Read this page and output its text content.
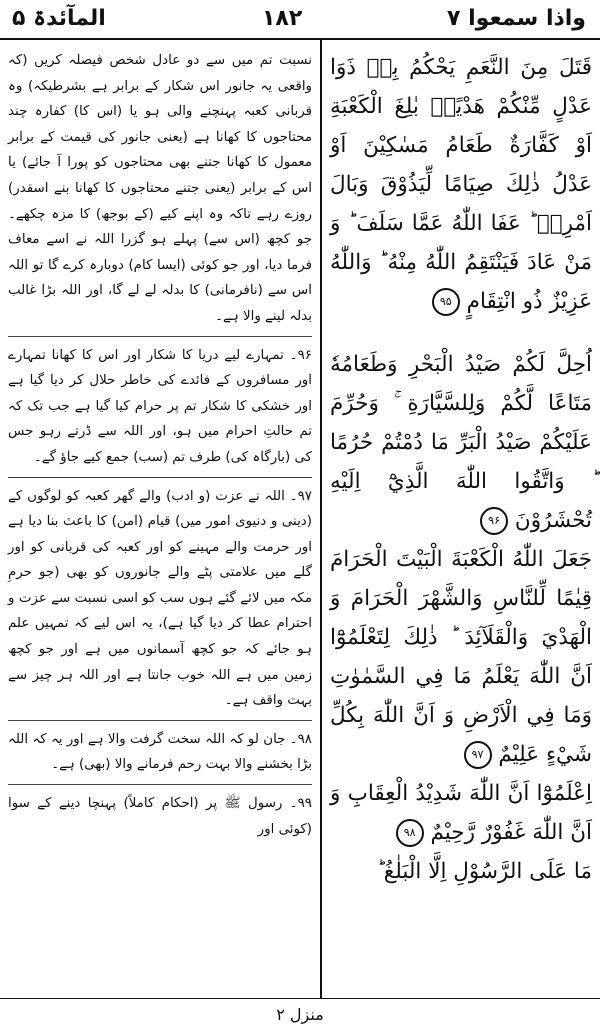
المآئدۃ ۵	۱۸۲	واذا سمعوا ۷

نسبت تم میں سے دو عادل شخص فیصلہ کریں (کہ واقعی یہ جانور اس شکار کے برابر ہے بشرطیکہ) وہ قربانی کعبہ پہنچنے والی ہو یا (اس کا) کفارہ چند محتاجوں کا کھانا ہے (یعنی جانور کی قیمت کے برابر معمول کا کھانا جتنے بھی محتاجوں کو پورا آ جائے) یا اس کے برابر (یعنی جتنے محتاجوں کا کھانا بنے اسقدر) روزے رہے تاکہ وہ اپنے کیے (کے بوجھ) کا مزہ چکھے۔ جو کچھ (اس سے) پہلے ہو گزرا اللہ نے اسے معاف فرما دیا، اور جو کوئی (ایسا کام) دوبارہ کرے گا تو اللہ اس سے (نافرمانی) کا بدلہ لے لے گا، اور اللہ بڑا غالب بدلہ لینے والا ہے۔

۹۶۔ تمہارے لیے دریا کا شکار اور اس کا کھانا تمہارے اور مسافروں کے فائدے کی خاطر حلال کر دیا گیا ہے اور خشکی کا شکار تم پر حرام کیا گیا ہے جب تک کہ تم حالتِ احرام میں ہو، اور اللہ سے ڈرتے رہو جس کی (بارگاہ کی) طرف تم (سب) جمع کیے جاؤ گے۔

۹۷۔ اللہ نے عزت (و ادب) والے گھر کعبہ کو لوگوں کے (دینی و دنیوی امور میں) قیام (امن) کا باعث بنا دیا ہے اور حرمت والے مہینے کو اور کعبہ کی قربانی کو اور گلے میں علامتی پٹے والے جانوروں کو بھی (جو حرمِ مکہ میں لائے گئے ہوں سب کو اسی نسبت سے عزت و احترام عطا کر دیا گیا ہے)، یہ اس لیے کہ تمہیں علم ہو جائے کہ جو کچھ آسمانوں میں ہے اور جو کچھ زمین میں ہے اللہ خوب جانتا ہے اور اللہ ہر چیز سے بہت واقف ہے۔

۹۸۔ جان لو کہ اللہ سخت گرفت والا ہے اور یہ کہ اللہ بڑا بخشنے والا بہت رحم فرمانے والا (بھی) ہے۔

۹۹۔ رسول ﷺ پر (احکام کاملاً) پہنچا دینے کے سوا (کوئی اور

قَتَلَ مِنَ النَّعَمِ يَحْكُمُ بِهٖ ذَوَا عَدْلٍ مِّنْكُمْ هَدْيًاۢ بٰلِغَ الْكَعْبَةِ اَوْ كَفَّارَةٌ طَعَامُ مَسٰكِيْنَ اَوْ عَدْلُ ذٰلِكَ صِيَامًا لِّيَذُوْقَ وَبَالَ اَمْرِهٖ ؕ عَفَا اللّٰهُ عَمَّا سَلَفَ ؕ وَ مَنْ عَادَ فَيَنْتَقِمُ اللّٰهُ مِنْهُ ؕ وَاللّٰهُ عَزِيْزٌ ذُو انْتِقَامٍ ۹۵

اُحِلَّ لَكُمْ صَيْدُ الْبَحْرِ وَطَعَامُهٗ مَتَاعًا لَّكُمْ وَلِلسَّيَّارَةِ ۚ وَحُرِّمَ عَلَيْكُمْ صَيْدُ الْبَرِّ مَا دُمْتُمْ حُرُمًا ؕ وَاتَّقُوا اللّٰهَ الَّذِيْٓ اِلَيْهِ تُحْشَرُوْنَ ۹۶

جَعَلَ اللّٰهُ الْكَعْبَةَ الْبَيْتَ الْحَرَامَ قِيٰمًا لِّلنَّاسِ وَالشَّهْرَ الْحَرَامَ وَ الْهَدْيَ وَالْقَلَآئِدَ ؕ ذٰلِكَ لِتَعْلَمُوْٓا اَنَّ اللّٰهَ يَعْلَمُ مَا فِي السَّمٰوٰتِ وَمَا فِي الْاَرْضِ وَ اَنَّ اللّٰهَ بِكُلِّ شَيْءٍ عَلِيْمٌ ۹۷

اِعْلَمُوْٓا اَنَّ اللّٰهَ شَدِيْدُ الْعِقَابِ وَ اَنَّ اللّٰهَ غَفُوْرٌ رَّحِيْمٌ ۹۸

مَا عَلَى الرَّسُوْلِ اِلَّا الْبَلٰغُ ؕ

منزل ۲
